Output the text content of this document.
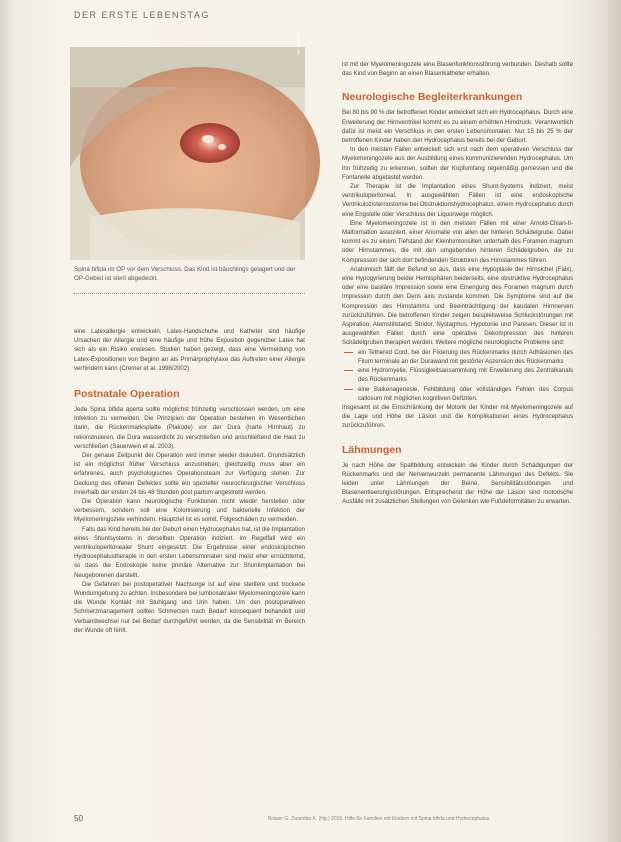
DER ERSTE LEBENSTAG
ASBH-Archiv
Spina bifida im OP vor dem Verschluss. Das Kind ist bäuchlings gelagert und der OP-Gebiet ist steril abgedeckt.

eine Latexallergie entwickeln. Latex-Handschuhe und Katheter sind häufige Ursachen der Allergie und eine häufige und frühe Exposition gegenüber Latex hat sich als ein Risiko erwiesen. Studien haben gezeigt, dass eine Vermeidung von Latex-Expositionen von Beginn an als Primärprophylaxe das Auftreten einer Allergie verhindern kann (Cremer et al. 1998/2002).

Postnatale Operation

Jede Spina bifida aperta sollte möglichst frühzeitig verschlossen werden, um eine Infektion zu vermeiden. Die Prinzipien der Operation bestehen im Wesentlichen darin, die Rückenmarksplatte (Plakode) vor der Dura (harte Hirnhaut) zu rekonstruieren, die Dura wasserdicht zu verschließen und anschließend die Haut zu verschließen (Sauerwein et al. 2003).

Der genaue Zeitpunkt der Operation wird immer wieder diskutiert. Grundsätzlich ist ein möglichst früher Verschluss anzustreben, gleichzeitig muss aber ein erfahrenes, auch psychologisches Operationsteam zur Verfügung stehen. Zur Deckung des offenen Defektes sollte ein spezieller neurochirurgischer Verschluss innerhalb der ersten 24 bis 48 Stunden post partum angestrebt werden.

Die Operation kann neurologische Funktionen nicht wieder herstellen oder verbessern, sondern soll eine Kolonisierung und bakterielle Infektion der Myelomeningozele verhindern. Hauptziel ist es somit, Folgeschäden zu vermeiden.

Falls das Kind bereits bei der Geburt einen Hydrocephalus hat, ist die Implantation eines Shuntsystems in derselben Operation indiziert. Im Regelfall wird ein ventrikuloperitonealer Shunt eingesetzt. Die Ergebnisse einer endoskopischen Hydrocephalustherapie in den ersten Lebensmonaten sind meist eher ernüchternd, so dass die Endoskopie keine primäre Alternative zur Shuntimplantation bei Neugeborenen darstellt.

Die Gefahren bei postoperativer Nachsorge ist auf eine sterilere und trockene Wundumgebung zu achten. Insbesondere bei lumbosakraler Myelomeningozele kann die Wunde Kontakt mit Stuhlgang und Urin haben. Um den postoperativen Schmerzmanagement sollten Schmerzen nach Bedarf konsequent behandelt und Verbandwechsel nur bei Bedarf durchgeführt werden, da die Sensibilität im Bereich der Wunde oft fehlt.

ist mit der Myelomeningozele eine Blasenfunktionsstörung verbunden. Deshalb sollte das Kind von Beginn an einen Blasenkatheter erhalten.

Neurologische Begleiterkrankungen

Bei 80 bis 90 % der betroffenen Kinder entwickelt sich ein Hydrocephalus. Durch eine Erweiterung der Hirnventrikel kommt es zu einem erhöhten Hirndruck. Verantwortlich dafür ist meist ein Verschluss in den ersten Lebensmonaten. Nur 15 bis 25 % der betroffenen Kinder haben den Hydrocephalus bereits bei der Geburt.

In den meisten Fällen entwickelt sich erst nach dem operativen Verschluss der Myelomeningozele aus der Ausbildung eines kommunizierenden Hydrocephalus. Um ihn frühzeitig zu erkennen, sollten der Kopfumfang regelmäßig gemessen und die Fontanelle abgetastet werden.

Zur Therapie ist die Implantation eines Shunt-Systems indiziert, meist ventrikuloperitoneal. In ausgewählten Fällen ist eine endoskopische Ventrikulozisternostomie bei Obstruktionshydrocephalus, einem Hydrocephalus durch eine Engstelle oder Verschluss der Liquorwege möglich.

Eine Myelomeningozele ist in den meisten Fällen mit einer Arnold-Chiari-II-Malformation assoziiert, einer Anomalie von allen der hinteren Schädelgrube. Dabei kommt es zu einem Tiefstand der Kleinhirntonsillen unterhalb des Foramen magnum oder Hirnstammes, die mit den umgebenden hinteren Schädelgruben, die zu Kompression der sich dort befindenden Strukturen des Hirnstammes führen.

Anatomisch fällt der Befund so aus, dass eine Hypoplasie der Hirnsichel (Falx), eine Hypogyrierung beider Hemisphären beiderseits, eine obstruktive Hydrocephalus oder eine basiläre Impression sowie eine Einengung des Foramen magnum durch Impression durch den Dens axis zustande kommen. Die Symptome sind auf die Kompression des Hirnstamms und Beeinträchtigung der kaudalen Hirnnerven zurückzuführen. Die betroffenen Kinder zeigen beispielsweise Schluckstörungen mit Aspiration, Atemstillstand, Stridor, Nystagmus, Hypotonie und Paresen. Dieser ist in ausgewählten Fällen durch eine operative Dekompression des hinteren Schädelgruben therapiert werden. Weitere mögliche neurologische Probleme sind:

ein Tethered Cord, bei der Fixierung des Rückenmarks durch Adhäsionen des Filum terminale an der Durawand mit gestörter Aszension des Rückenmarks
eine Hydromyelie, Flüssigkeitsansammlung mit Erweiterung des Zentralkanals des Rückenmarks
eine Balkenagenesie, Fehlbildung oder vollständiges Fehlen des Corpus callosum mit möglichen kognitiven Defiziten.

Insgesamt ist die Einschränkung der Motorik der Kinder mit Myelomeningozele auf die Lage und Höhe der Läsion und die Komplikationen eines Hydrocephalus zurückzuführen.

Lähmungen

Je nach Höhe der Spaltbildung entwickeln die Kinder durch Schädigungen der Rückenmarks und der Nervenwurzeln permanente Lähmungen des Defekts. Sie leiden unter Lähmungen der Beine, Sensibilitätsstörungen und Blasenentleerungsstörungen. Entsprechend der Höhe der Läsion sind motorische Ausfälle mit zusätzlichen Stellungen von Gelenken wie Fußdeformitäten zu erwarten.

50	Bräuer G. Zaremba K. (Hg.) 2015. Hilfe für Familien mit Kindern mit Spina bifida und Hydrocephalus.
